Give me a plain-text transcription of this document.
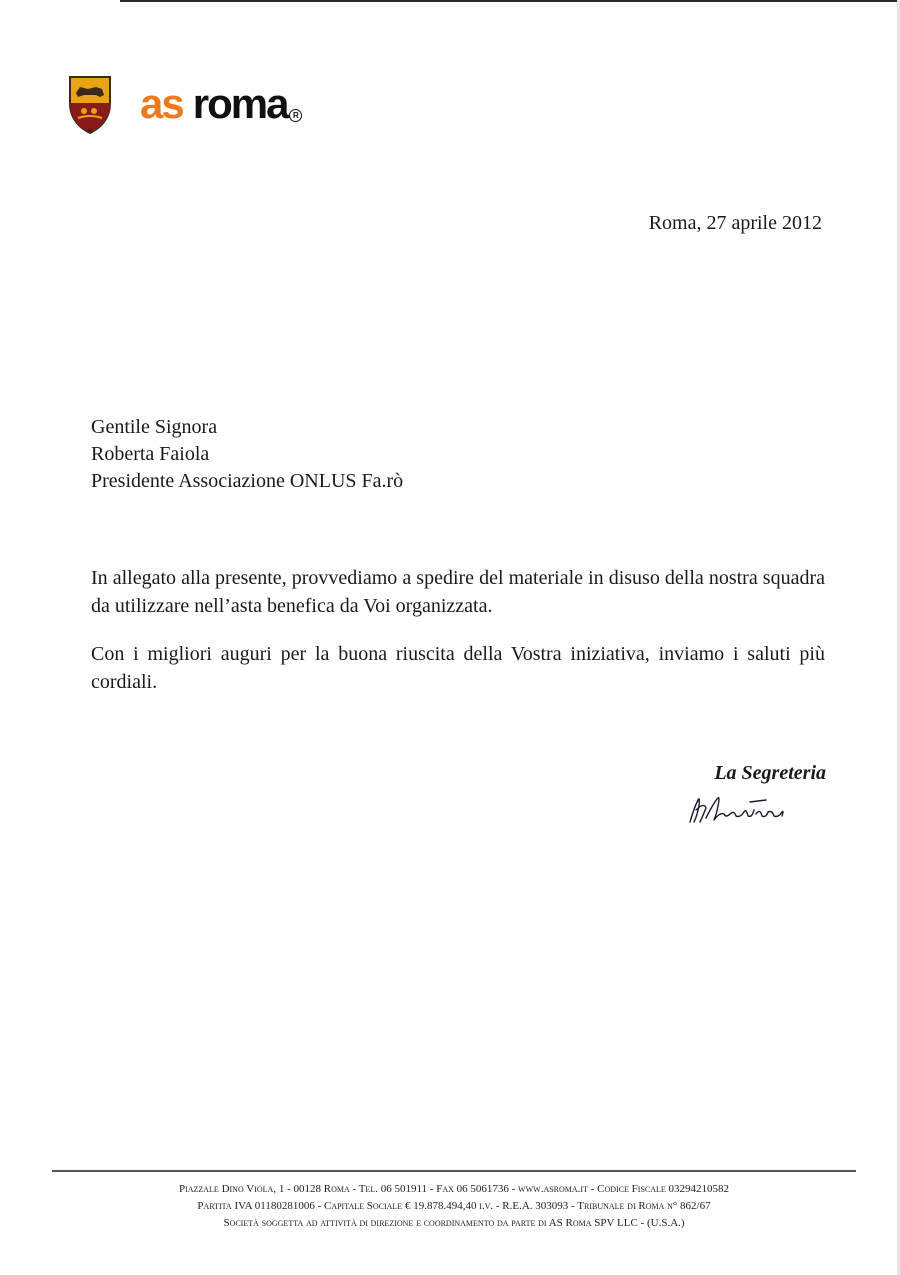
as roma R
Roma, 27 aprile 2012
Gentile Signora
Roberta Faiola
Presidente Associazione ONLUS Fa.rò

In allegato alla presente, provvediamo a spedire del materiale in disuso della nostra squadra da utilizzare nell’asta benefica da Voi organizzata.

Con i migliori auguri per la buona riuscita della Vostra iniziativa, inviamo i saluti più cordiali.

La Segreteria
Piazzale Dino Viola, 1 - 00128 Roma - Tel. 06 501911 - Fax 06 5061736 - www.asroma.it - Codice Fiscale 03294210582
Partita IVA 01180281006 - Capitale Sociale € 19.878.494,40 i.v. - R.E.A. 303093 - Tribunale di Roma n° 862/67
Società soggetta ad attività di direzione e coordinamento da parte di AS Roma SPV LLC - (U.S.A.)
